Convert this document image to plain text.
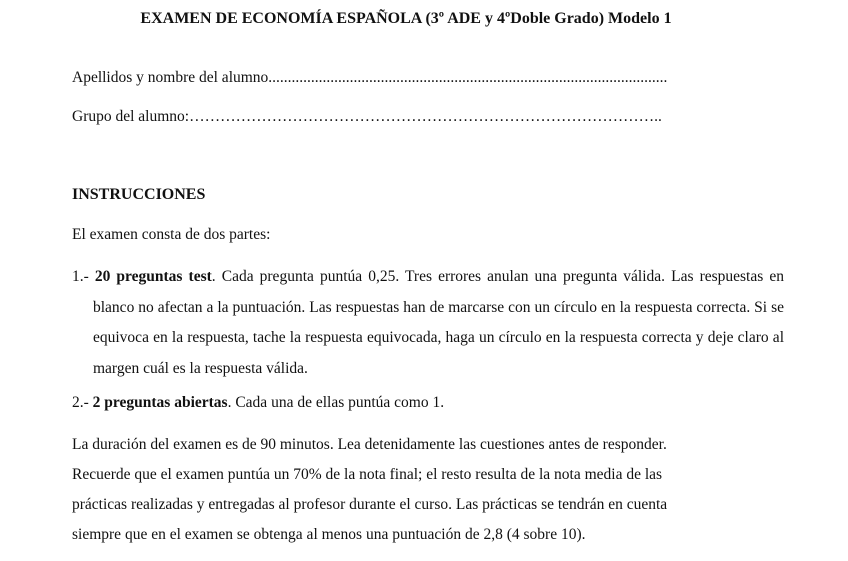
EXAMEN DE ECONOMÍA ESPAÑOLA (3º ADE y 4ºDoble Grado) Modelo 1
Apellidos y nombre del alumno.......................................................................................................
Grupo del alumno:………………………………………………………………………………..
INSTRUCCIONES
El examen consta de dos partes:
1.- 20 preguntas test. Cada pregunta puntúa 0,25. Tres errores anulan una pregunta válida. Las respuestas en blanco no afectan a la puntuación. Las respuestas han de marcarse con un círculo en la respuesta correcta. Si se equivoca en la respuesta, tache la respuesta equivocada, haga un círculo en la respuesta correcta y deje claro al margen cuál es la respuesta válida.
2.- 2 preguntas abiertas. Cada una de ellas puntúa como 1.
La duración del examen es de 90 minutos. Lea detenidamente las cuestiones antes de responder.
Recuerde que el examen puntúa un 70% de la nota final; el resto resulta de la nota media de las
prácticas realizadas y entregadas al profesor durante el curso. Las prácticas se tendrán en cuenta
siempre que en el examen se obtenga al menos una puntuación de 2,8 (4 sobre 10).
